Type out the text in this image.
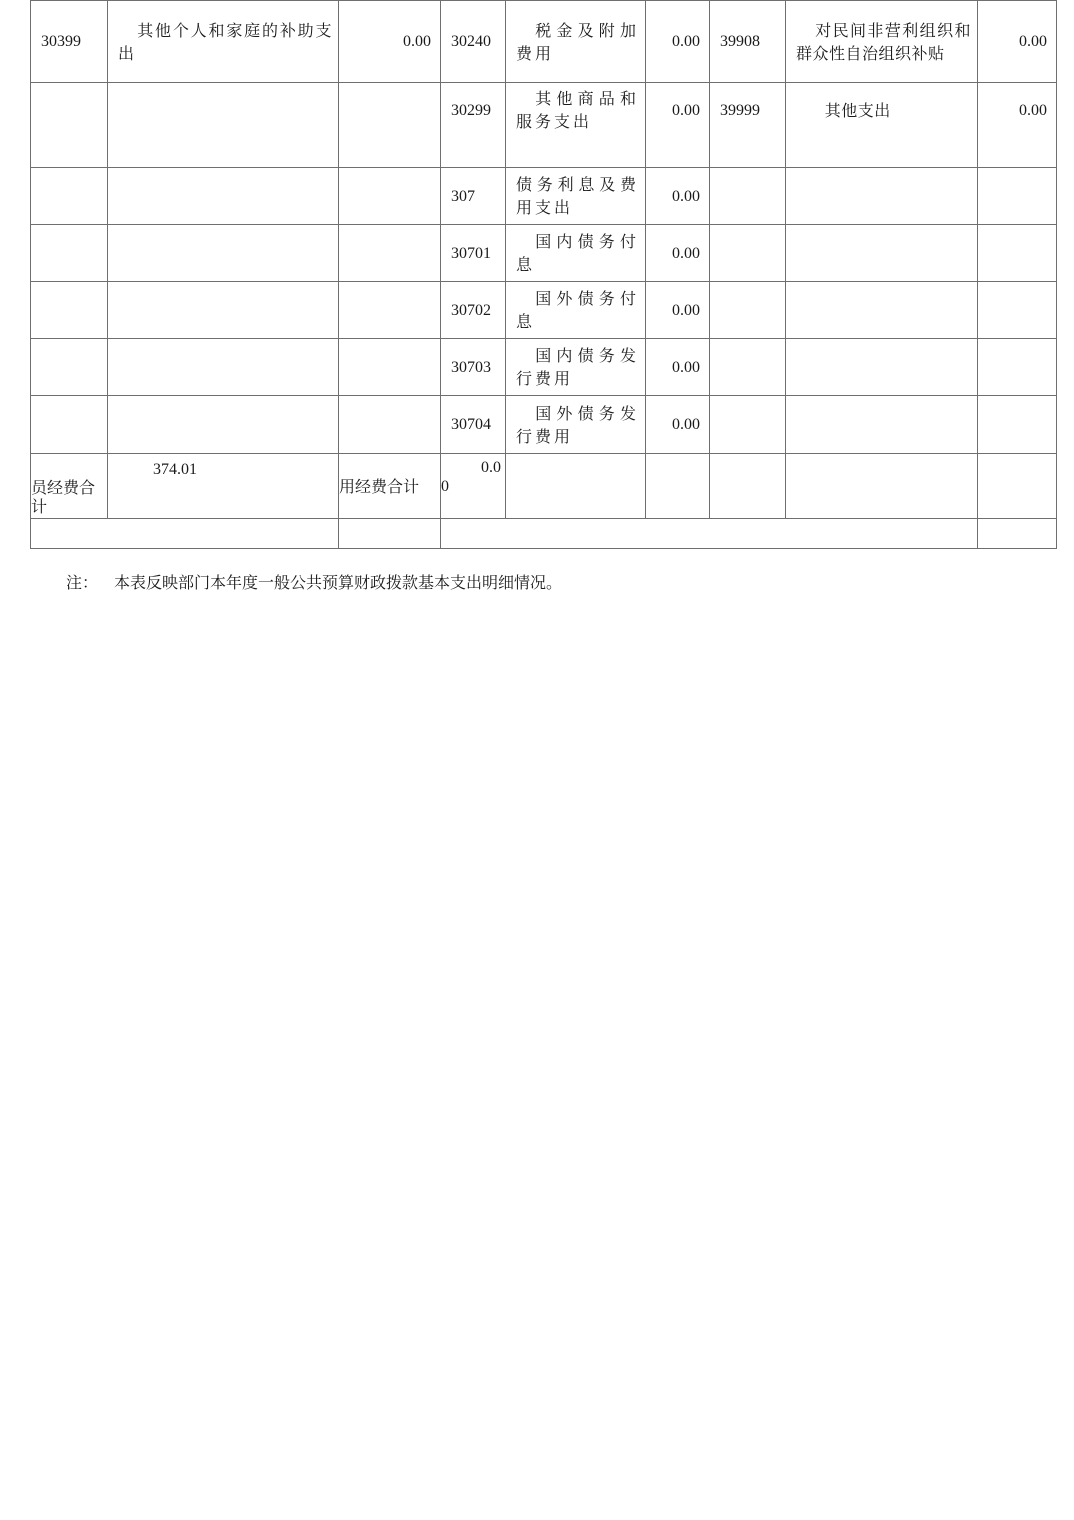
30399	其他个人和家庭的补助支出	0.00	30240	税金及附加费用	0.00	39908	对民间非营利组织和群众性自治组织补贴	0.00
			30299	其他商品和服务支出	0.00	39999	其他支出	0.00
			307	债务利息及费用支出	0.00			
			30701	国内债务付息	0.00			
			30702	国外债务付息	0.00			
			30703	国内债务发行费用	0.00			
			30704	国外债务发行费用	0.00			
员经费合计	374.01	用经费合计	0.0
0					

注： 本表反映部门本年度一般公共预算财政拨款基本支出明细情况。
